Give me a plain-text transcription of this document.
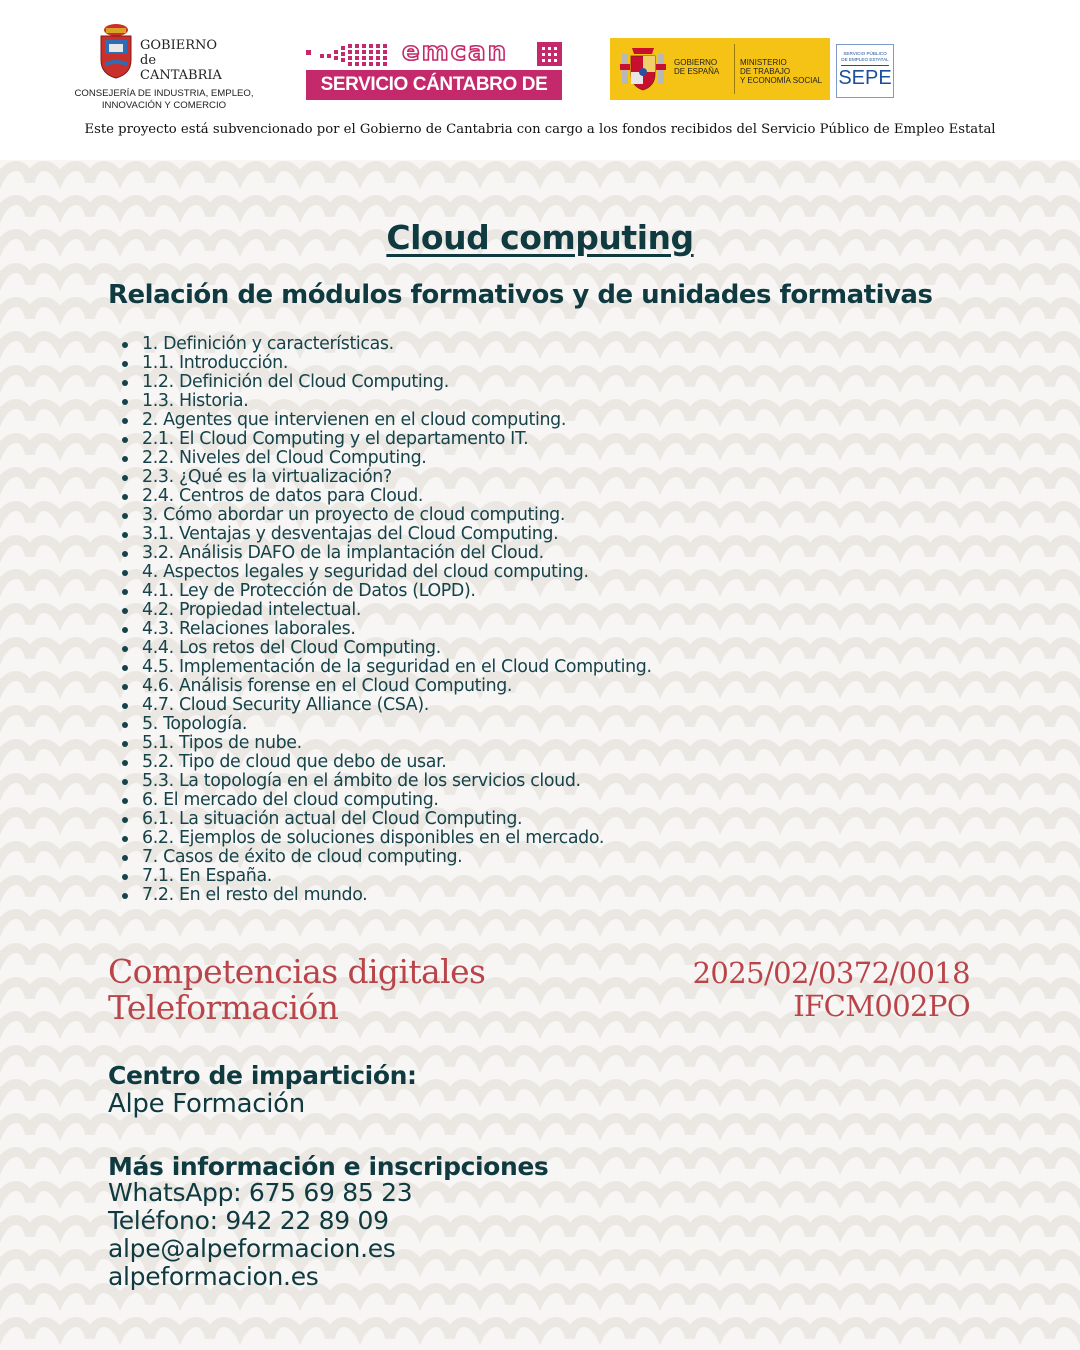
GOBIERNO
de
CANTABRIA
CONSEJERÍA DE INDUSTRIA, EMPLEO,
INNOVACIÓN Y COMERCIO
emcan
SERVICIO CÁNTABRO DE EMPLEO
GOBIERNO
DE ESPAÑA
MINISTERIO
DE TRABAJO
Y ECONOMÍA SOCIAL
SERVICIO PÚBLICO
DE EMPLEO ESTATAL
SEPE
Este proyecto está subvencionado por el Gobierno de Cantabria con cargo a los fondos recibidos del Servicio Público de Empleo Estatal
Cloud computing
Relación de módulos formativos y de unidades formativas
1. Definición y características.
1.1. Introducción.
1.2. Definición del Cloud Computing.
1.3. Historia.
2. Agentes que intervienen en el cloud computing.
2.1. El Cloud Computing y el departamento IT.
2.2. Niveles del Cloud Computing.
2.3. ¿Qué es la virtualización?
2.4. Centros de datos para Cloud.
3. Cómo abordar un proyecto de cloud computing.
3.1. Ventajas y desventajas del Cloud Computing.
3.2. Análisis DAFO de la implantación del Cloud.
4. Aspectos legales y seguridad del cloud computing.
4.1. Ley de Protección de Datos (LOPD).
4.2. Propiedad intelectual.
4.3. Relaciones laborales.
4.4. Los retos del Cloud Computing.
4.5. Implementación de la seguridad en el Cloud Computing.
4.6. Análisis forense en el Cloud Computing.
4.7. Cloud Security Alliance (CSA).
5. Topología.
5.1. Tipos de nube.
5.2. Tipo de cloud que debo de usar.
5.3. La topología en el ámbito de los servicios cloud.
6. El mercado del cloud computing.
6.1. La situación actual del Cloud Computing.
6.2. Ejemplos de soluciones disponibles en el mercado.
7. Casos de éxito de cloud computing.
7.1. En España.
7.2. En el resto del mundo.
Competencias digitales
Teleformación
2025/02/0372/0018
IFCM002PO
Centro de impartición:
Alpe Formación
Más información e inscripciones
WhatsApp: 675 69 85 23
Teléfono: 942 22 89 09
alpe@alpeformacion.es
alpeformacion.es
